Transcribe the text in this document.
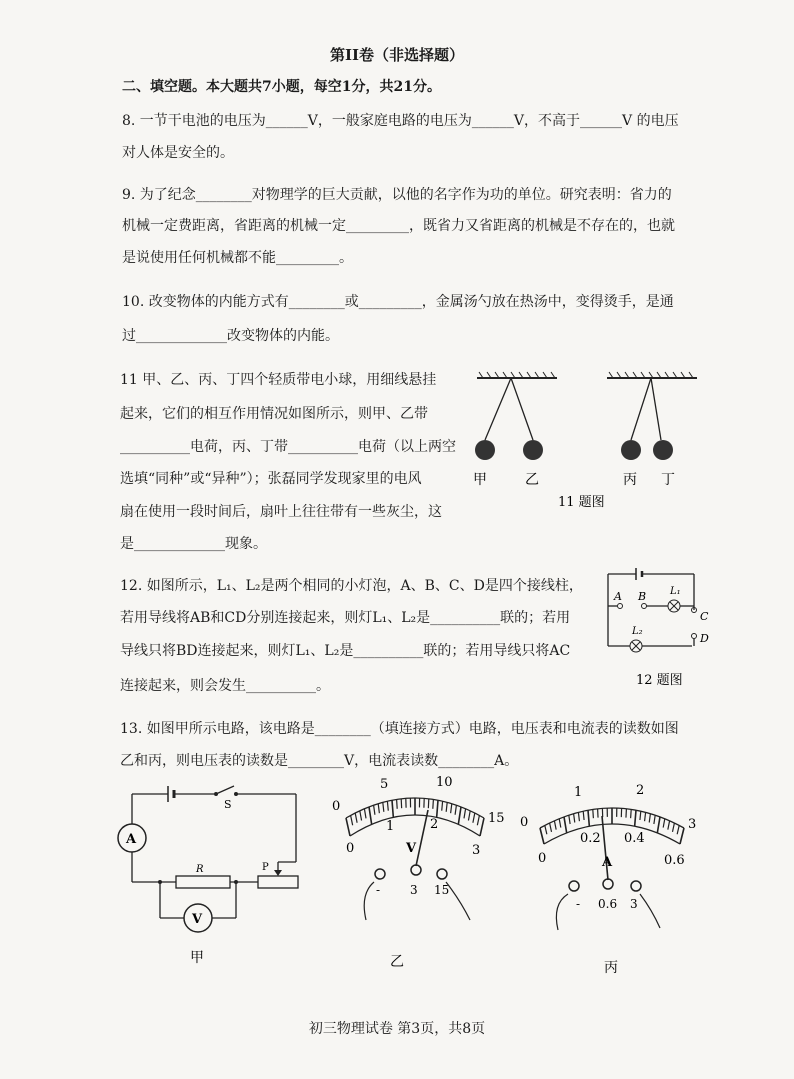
第II卷（非选择题）
二、填空题。本大题共7小题，每空1分，共21分。
8. 一节干电池的电压为______V，一般家庭电路的电压为______V，不高于______V 的电压
对人体是安全的。
9. 为了纪念________对物理学的巨大贡献，以他的名字作为功的单位。研究表明：省力的
机械一定费距离，省距离的机械一定_________，既省力又省距离的机械是不存在的，也就
是说使用任何机械都不能_________。
10. 改变物体的内能方式有________或_________，金属汤勺放在热汤中，变得烫手，是通
过_____________改变物体的内能。
11 甲、乙、丙、丁四个轻质带电小球，用细线悬挂
起来，它们的相互作用情况如图所示，则甲、乙带
__________电荷，丙、丁带__________电荷（以上两空
选填“同种”或“异种”）；张磊同学发现家里的电风
扇在使用一段时间后，扇叶上往往带有一些灰尘，这
是_____________现象。
甲	乙	丙 丁
11 题图
12. 如图所示，L₁、L₂是两个相同的小灯泡，A、B、C、D是四个接线柱，
若用导线将AB和CD分别连接起来，则灯L₁、L₂是__________联的；若用
导线只将BD连接起来，则灯L₁、L₂是__________联的；若用导线只将AC
连接起来，则会发生__________。
A B L₁
C
L₂
D
12 题图
13. 如图甲所示电路，该电路是________（填连接方式）电路，电压表和电流表的读数如图
乙和丙，则电压表的读数是________V，电流表读数________A。
S
A
R	P
V
甲
0
5	10
15
0
1	2
3
V
- 3 15
乙
0
1	2
3
0
0.2 0.4
0.6
A
- 0.6 3
丙
初三物理试卷 第3页，共8页
